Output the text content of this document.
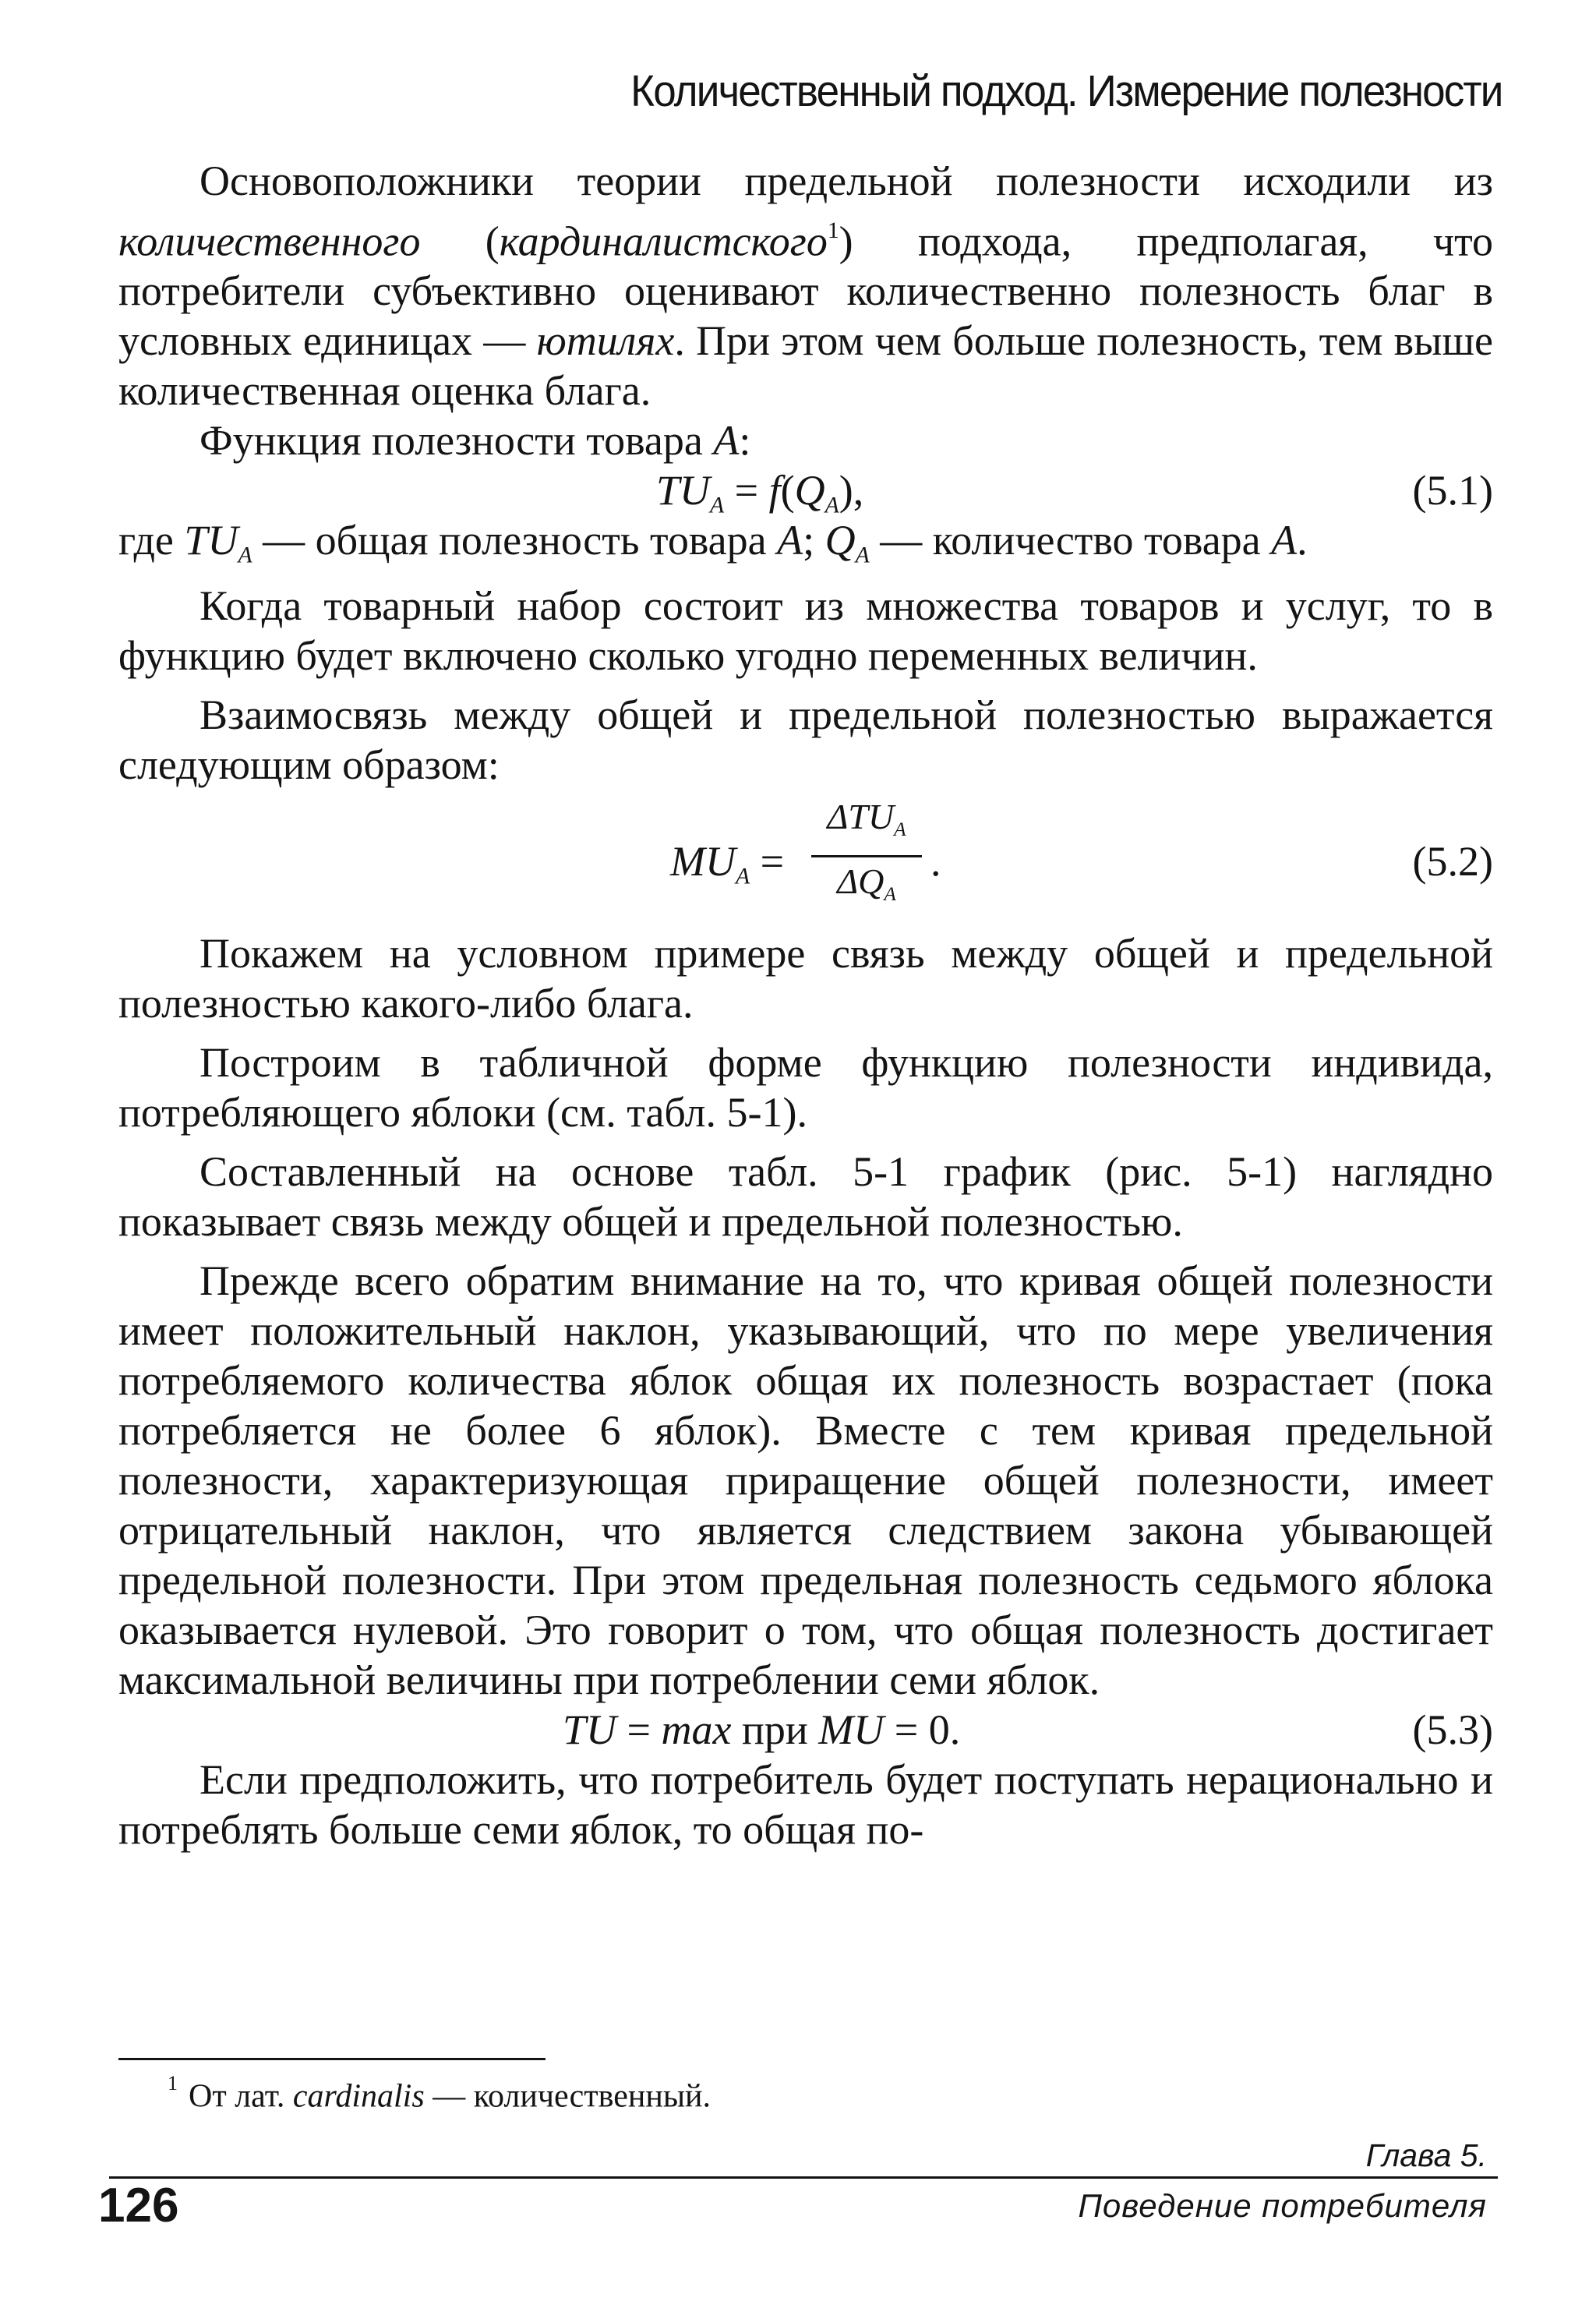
Количественный подход. Измерение полезности

Основоположники теории предельной полезности исходили из количественного (кардиналистского$^1$) подхода, предполагая, что потребители субъективно оценивают количественно полезность благ в условных единицах — ютилях. При этом чем больше полезность, тем выше количественная оценка блага.

Функция полезности товара А:

$TU_A = f(Q_A)$,	(5.1)

где $TU_A$ — общая полезность товара А; $Q_A$ — количество товара А.

Когда товарный набор состоит из множества товаров и услуг, то в функцию будет включено сколько угодно переменных величин.

Взаимосвязь между общей и предельной полезностью выражается следующим образом:

$MU_A$ =
$\Delta TU_A$
$\Delta Q_A$
.	(5.2)

Покажем на условном примере связь между общей и предельной полезностью какого-либо блага.

Построим в табличной форме функцию полезности индивида, потребляющего яблоки (см. табл. 5-1).

Составленный на основе табл. 5-1 график (рис. 5-1) наглядно показывает связь между общей и предельной полезностью.

Прежде всего обратим внимание на то, что кривая общей полезности имеет положительный наклон, указывающий, что по мере увеличения потребляемого количества яблок общая их полезность возрастает (пока потребляется не более 6 яблок). Вместе с тем кривая предельной полезности, характеризующая приращение общей полезности, имеет отрицательный наклон, что является следствием закона убывающей предельной полезности. При этом предельная полезность седьмого яблока оказывается нулевой. Это говорит о том, что общая полезность достигает максимальной величины при потреблении семи яблок.

TU = max при MU = 0.	(5.3)

Если предположить, что потребитель будет поступать нерационально и потреблять больше семи яблок, то общая по-

$^1$ От лат. cardinalis — количественный.
Глава 5.
126	Поведение потребителя
